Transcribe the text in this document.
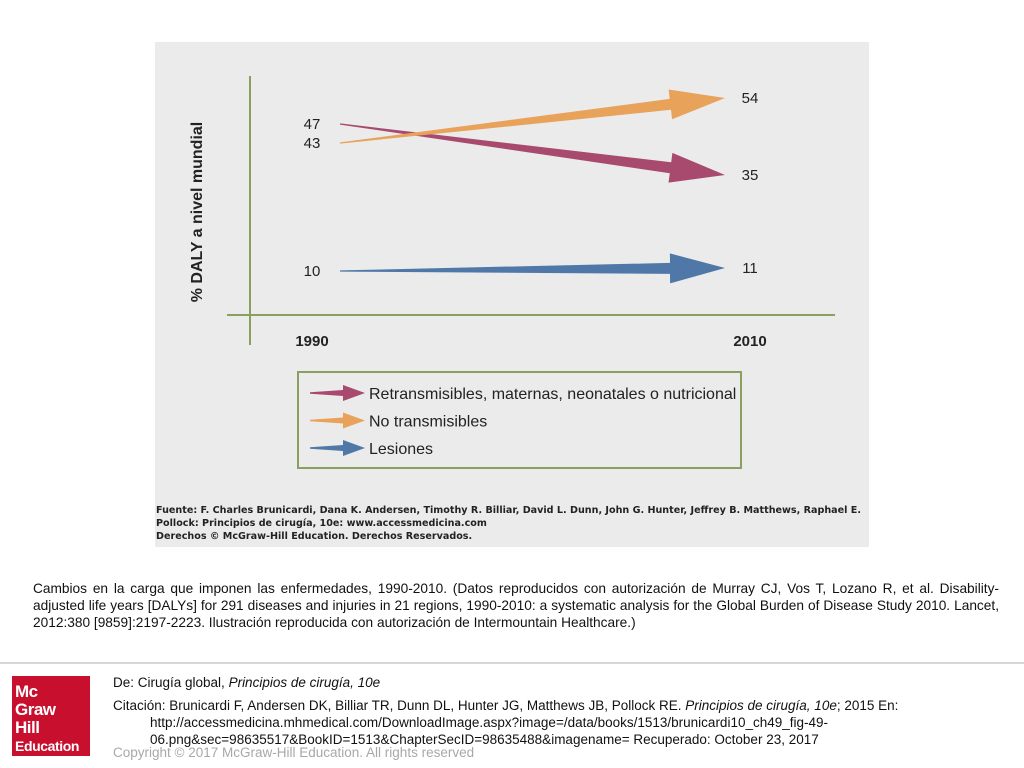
% DALY a nivel mundial
1990	2010
47
35
43
54
10	11
Retransmisibles, maternas, neonatales o nutricional
No transmisibles
Lesiones
Fuente: F. Charles Brunicardi, Dana K. Andersen, Timothy R. Billiar, David L. Dunn, John G. Hunter, Jeffrey B. Matthews, Raphael E.
Pollock: Principios de cirugía, 10e: www.accessmedicina.com
Derechos © McGraw-Hill Education. Derechos Reservados.
Cambios en la carga que imponen las enfermedades, 1990-2010. (Datos reproducidos con autorización de Murray CJ, Vos T, Lozano R, et al. Disability-adjusted life years [DALYs] for 291 diseases and injuries in 21 regions, 1990-2010: a systematic analysis for the Global Burden of Disease Study 2010. Lancet, 2012:380 [9859]:2197-2223. Ilustración reproducida con autorización de Intermountain Healthcare.)
Mc
Graw
Hill
Education
De: Cirugía global, Principios de cirugía, 10e
Citación: Brunicardi F, Andersen DK, Billiar TR, Dunn DL, Hunter JG, Matthews JB, Pollock RE. Principios de cirugía, 10e; 2015 En:
http://accessmedicina.mhmedical.com/DownloadImage.aspx?image=/data/books/1513/brunicardi10_ch49_fig-49-
06.png&sec=98635517&BookID=1513&ChapterSecID=98635488&imagename= Recuperado: October 23, 2017
Copyright © 2017 McGraw-Hill Education. All rights reserved
